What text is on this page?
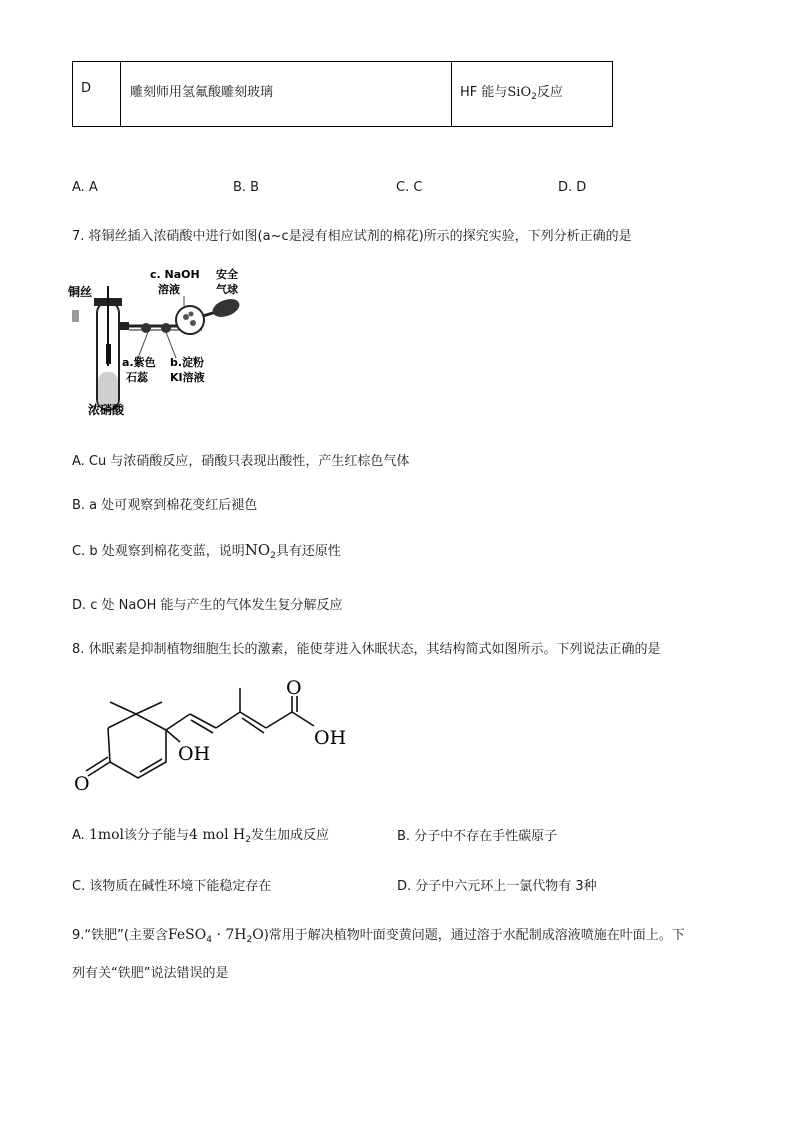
D	雕刻师用氢氟酸雕刻玻璃	HF 能与SiO$_2$反应
A. A	B. B	C. C	D. D
7. 将铜丝插入浓硝酸中进行如图(a~c是浸有相应试剂的棉花)所示的探究实验，下列分析正确的是
铜丝
浓硝酸
c. NaOH
溶液
安全
气球
a.紫色
石蕊
b.淀粉
KI溶液
A. Cu 与浓硝酸反应，硝酸只表现出酸性，产生红棕色气体
B. a 处可观察到棉花变红后褪色
C. b 处观察到棉花变蓝，说明$NO_2$具有还原性
D. c 处 NaOH 能与产生的气体发生复分解反应
8. 休眠素是抑制植物细胞生长的激素，能使芽进入休眠状态，其结构简式如图所示。下列说法正确的是
O
OH
OH
O
A. 1mol该分子能与4 mol $H_2$发生加成反应	B. 分子中不存在手性碳原子
C. 该物质在碱性环境下能稳定存在	D. 分子中六元环上一氯代物有 3种
9.“铁肥”(主要含FeSO$_4$ · $7H_2O$)常用于解决植物叶面变黄问题，通过溶于水配制成溶液喷施在叶面上。下
列有关“铁肥”说法错误的是
